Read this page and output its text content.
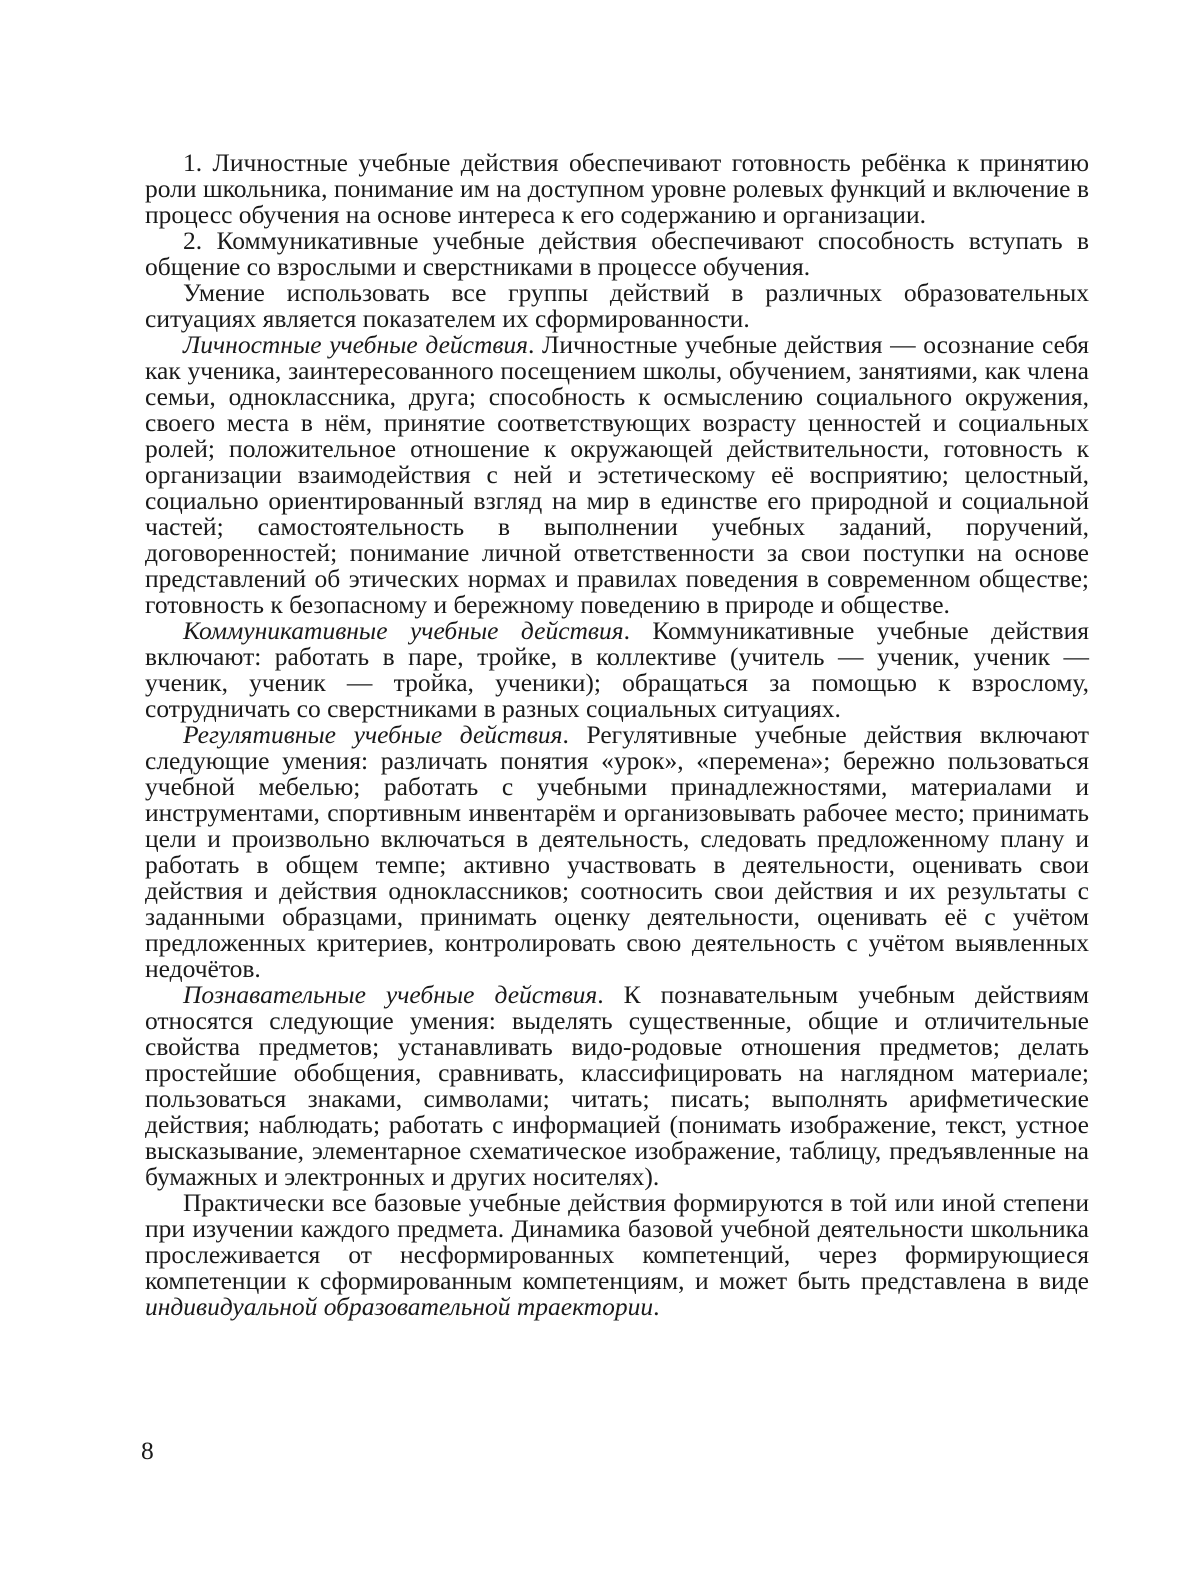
1. Личностные учебные действия обеспечивают готовность ребёнка к принятию роли школьника, понимание им на доступном уровне ролевых функций и включение в процесс обучения на основе интереса к его содержанию и организации.

2. Коммуникативные учебные действия обеспечивают способность вступать в общение со взрослыми и сверстниками в процессе обучения.

Умение использовать все группы действий в различных образовательных ситуациях является показателем их сформированности.

Личностные учебные действия. Личностные учебные действия — осознание себя как ученика, заинтересованного посещением школы, обучением, занятиями, как члена семьи, одноклассника, друга; способность к осмыслению социального окружения, своего места в нём, принятие соответствующих возрасту ценностей и социальных ролей; положительное отношение к окружающей действительности, готовность к организации взаимодействия с ней и эстетическому её восприятию; целостный, социально ориентированный взгляд на мир в единстве его природной и социальной частей; самостоятельность в выполнении учебных заданий, поручений, договоренностей; понимание личной ответственности за свои поступки на основе представлений об этических нормах и правилах поведения в современном обществе; готовность к безопасному и бережному поведению в природе и обществе.

Коммуникативные учебные действия. Коммуникативные учебные действия включают: работать в паре, тройке, в коллективе (учитель — ученик, ученик — ученик, ученик — тройка, ученики); обращаться за помощью к взрослому, сотрудничать со сверстниками в разных социальных ситуациях.

Регулятивные учебные действия. Регулятивные учебные действия включают следующие умения: различать понятия «урок», «перемена»; бережно пользоваться учебной мебелью; работать с учебными принадлежностями, материалами и инструментами, спортивным инвентарём и организовывать рабочее место; принимать цели и произвольно включаться в деятельность, следовать предложенному плану и работать в общем темпе; активно участвовать в деятельности, оценивать свои действия и действия одноклассников; соотносить свои действия и их результаты с заданными образцами, принимать оценку деятельности, оценивать её с учётом предложенных критериев, контролировать свою деятельность с учётом выявленных недочётов.

Познавательные учебные действия. К познавательным учебным действиям относятся следующие умения: выделять существенные, общие и отличительные свойства предметов; устанавливать видо-родовые отношения предметов; делать простейшие обобщения, сравнивать, классифицировать на наглядном материале; пользоваться знаками, символами; читать; писать; выполнять арифметические действия; наблюдать; работать с информацией (понимать изображение, текст, устное высказывание, элементарное схематическое изображение, таблицу, предъявленные на бумажных и электронных и других носителях).

Практически все базовые учебные действия формируются в той или иной степени при изучении каждого предмета. Динамика базовой учебной деятельности школьника прослеживается от несформированных компетенций, через формирующиеся компетенции к сформированным компетенциям, и может быть представлена в виде индивидуальной образовательной траектории.

8
